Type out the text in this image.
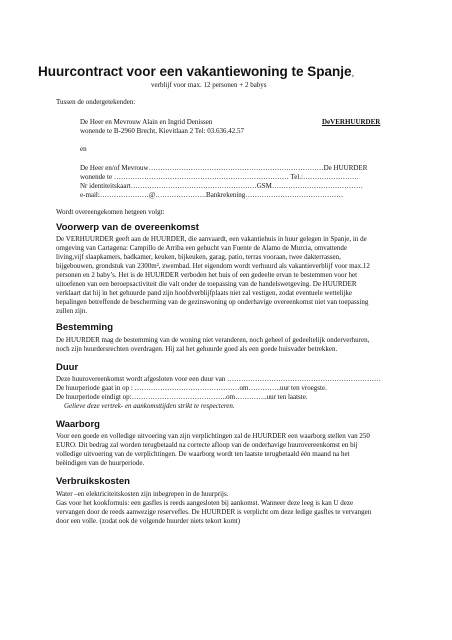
Huurcontract voor een vakantiewoning te Spanje,
verblijf voor max. 12 personen + 2 babys
Tussen de ondergetekenden:
De Heer en Mevrouw Alain en Ingrid Denissen	DeVERHUURDER
wonende te B-2960 Brecht, Kievitlaan 2 Tel: 03.636.42.57
en
De Heer en/of Mevrouw…………………………………………………………………De HUURDER
wonende te ………………………………………………………………… Tel.:……………………
Nr identiteitskaart………………………………………………GSM…………………………………
e-mail:…………………@………………….Bankrekening……………………………………
Wordt overeengekomen hetgeen volgt:
Voorwerp van de overeenkomst
De VERHUURDER geeft aan de HUURDER, die aanvaardt, een vakantiehuis in huur gelegen in Spanje, in de
omgeving van Cartagena: Campillo de Arriba een gehucht van Fuente de Alamo de Murcia, omvattende
living,vijf slaapkamers, badkamer, keuken, bijkeuken, garag, patio, terras vooraan, twee dakterrassen,
bijgebouwen, grondstuk van 2300m², zwembad. Het eigendom wordt verhuurd als vakantieverblijf voor max.12
personen en 2 baby’s. Het is de HUURDER verboden het huis of een gedeelte ervan te bestemmen voor het
uitoefenen van een beroepsactiviteit die valt onder de toepassing van de handelswetgeving. De HUURDER
verklaart dat hij in het gehuurde pand zijn hoofdverblijfplaats niet zal vestigen, zodat eventuele wettelijke
bepalingen betreffende de bescherming van de gezinswoning op onderhavige overeenkomst niet van toepassing
zullen zijn.
Bestemming
De HUURDER mag de bestemming van de woning niet veranderen, noch geheel of gedeeltelijk onderverhuren,
noch zijn huurdersrechten overdragen. Hij zal het gehuurde goed als een goede huisvader betrekken.
Duur
Deze huurovereenkomst wordt afgesloten voor een duur van …………………………………………………………
De huurperiode gaat in op : ………………………………………om…………..uur ten vroegste.
De huurperiode eindigt op:…………………………………..om…………..uur ten laatste.
Gelieve deze vertrek- en aankomsttijden strikt te respecteren.
Waarborg
Voor een goede en volledige uitvoering van zijn verplichtingen zal de HUURDER een waarborg stellen van 250
EURO. Dit bedrag zal worden terugbetaald na correcte afloop van de onderhavige huurovereenkomst en bij
volledige uitvoering van de verplichtingen. De waarborg wordt ten laatste terugbetaald één maand na het
beëindigen van de huurperiode.
Verbruikskosten
Water –en elektriciteitskosten zijn inbegrepen in de huurprijs.
Gas voor het kookfornuis: een gasfles is reeds aangesloten bij aankomst. Wanneer deze leeg is kan U deze
vervangen door de reeds aanwezige reservefles. De HUURDER is verplicht om deze ledige gasfles te vervangen
door een volle. (zodat ook de volgende huurder niets tekort komt)
